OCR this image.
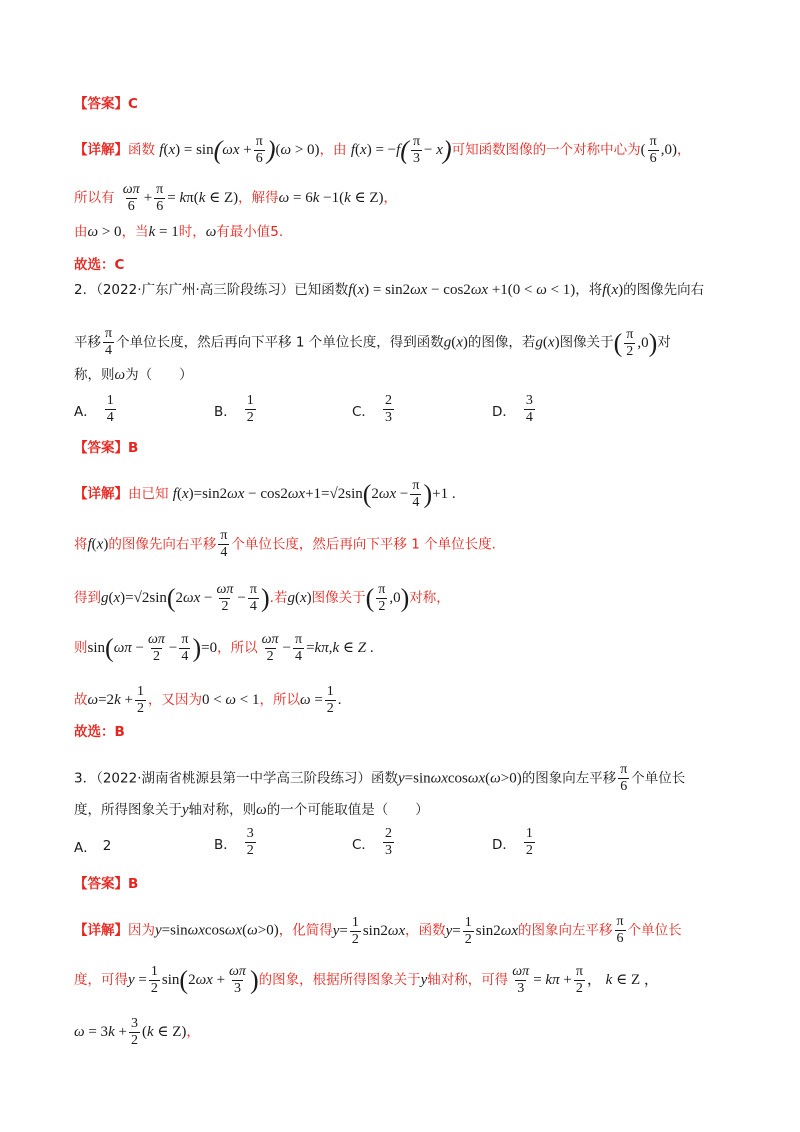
【答案】C
【详解】函数 $f(x) = \sin(\omega x + \frac{\pi}{6} )(\omega > 0)$，由 $f(x) = -f( \frac{\pi}{3} - x)$可知函数图像的一个对称中心为( $\frac{\pi}{6} ,0$)，
所以有 $\frac{\omega\pi}{6} + \frac{\pi}{6} = k\pi(k$ ∈ Z)，解得ω = 6k −1(k ∈ Z)，
由ω > 0，当k = 1时，ω有最小值5.
故选：C
2．（2022·广东广州·高三阶段练习）已知函数f(x) = sin2ωx − cos2ωx +1(0 < ω < 1)，将f(x)的图像先向右
平移 $\frac{\pi}{4}$ 个单位长度，然后再向下平移 1 个单位长度，得到函数g(x)的图像，若g(x)图像关于( $\frac{\pi}{2} ,0$)对
称，则ω为（　　）
A． $\frac{1}{4}$	B． $\frac{1}{2}$	C． $\frac{2}{3}$	D． $\frac{3}{4}$
【答案】B
【详解】由已知 $f(x)=\sin 2\omega x - \cos 2\omega x+1=√2\sin(2\omega x - \frac{\pi}{4} )+1$ .
将f(x)的图像先向右平移 $\frac{\pi}{4}$ 个单位长度，然后再向下平移 1 个单位长度.
得到$g(x)=√2\sin(2\omega x - \frac{\omega\pi}{2} - \frac{\pi}{4}$ ).若g(x)图像关于( $\frac{\pi}{2} ,0$)对称，
则$\sin(\omega\pi - \frac{\omega\pi}{2} - \frac{\pi}{4} )=0$，所以 $\frac{\omega\pi}{2} - \frac{\pi}{4} =k\pi,k$ ∈ Z .
故$\omega=2k + \frac{1}{2}$ ，又因为0 < ω < 1，所以$\omega = \frac{1}{2}$ .
故选：B
3．（2022·湖南省桃源县第一中学高三阶段练习）函数y=sinωxcosωx(ω>0)的图象向左平移 $\frac{\pi}{6}$ 个单位长
度，所得图象关于y轴对称，则ω的一个可能取值是（　　）
A． 2	B． $\frac{3}{2}$	C． $\frac{2}{3}$	D． $\frac{1}{2}$
【答案】B
【详解】因为y=sinωxcosωx(ω>0)，化简得$y= \frac{1}{2} \sin 2\omega x$，函数$y= \frac{1}{2} \sin 2\omega x$的图象向左平移 $\frac{\pi}{6}$ 个单位长
度，可得$y = \frac{1}{2} \sin(2\omega x + \frac{\omega\pi}{3}$ )的图象，根据所得图象关于y轴对称，可得 $\frac{\omega\pi}{3} = k\pi + \frac{\pi}{2}$ ， k ∈ Z ，
$\omega = 3k + \frac{3}{2} (k$ ∈ Z)，
